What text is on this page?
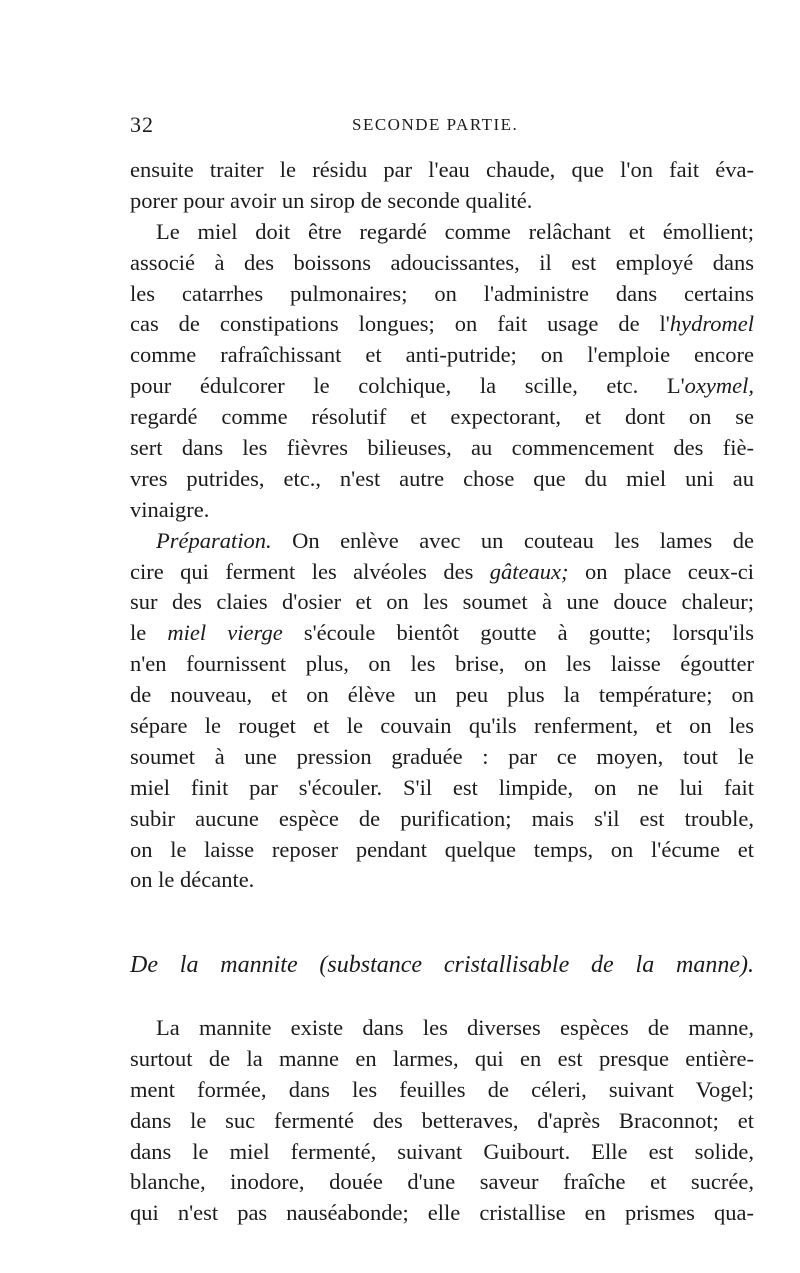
32	SECONDE PARTIE.
ensuite traiter le résidu par l'eau chaude, que l'on fait éva-
porer pour avoir un sirop de seconde qualité.
Le miel doit être regardé comme relâchant et émollient;
associé à des boissons adoucissantes, il est employé dans
les catarrhes pulmonaires; on l'administre dans certains
cas de constipations longues; on fait usage de l'hydromel
comme rafraîchissant et anti-putride; on l'emploie encore
pour édulcorer le colchique, la scille, etc. L'oxymel,
regardé comme résolutif et expectorant, et dont on se
sert dans les fièvres bilieuses, au commencement des fiè-
vres putrides, etc., n'est autre chose que du miel uni au
vinaigre.
Préparation. On enlève avec un couteau les lames de
cire qui ferment les alvéoles des gâteaux; on place ceux-ci
sur des claies d'osier et on les soumet à une douce chaleur;
le miel vierge s'écoule bientôt goutte à goutte; lorsqu'ils
n'en fournissent plus, on les brise, on les laisse égoutter
de nouveau, et on élève un peu plus la température; on
sépare le rouget et le couvain qu'ils renferment, et on les
soumet à une pression graduée : par ce moyen, tout le
miel finit par s'écouler. S'il est limpide, on ne lui fait
subir aucune espèce de purification; mais s'il est trouble,
on le laisse reposer pendant quelque temps, on l'écume et
on le décante.
De la mannite (substance cristallisable de la manne).
La mannite existe dans les diverses espèces de manne,
surtout de la manne en larmes, qui en est presque entière-
ment formée, dans les feuilles de céleri, suivant Vogel;
dans le suc fermenté des betteraves, d'après Braconnot; et
dans le miel fermenté, suivant Guibourt. Elle est solide,
blanche, inodore, douée d'une saveur fraîche et sucrée,
qui n'est pas nauséabonde; elle cristallise en prismes qua-
